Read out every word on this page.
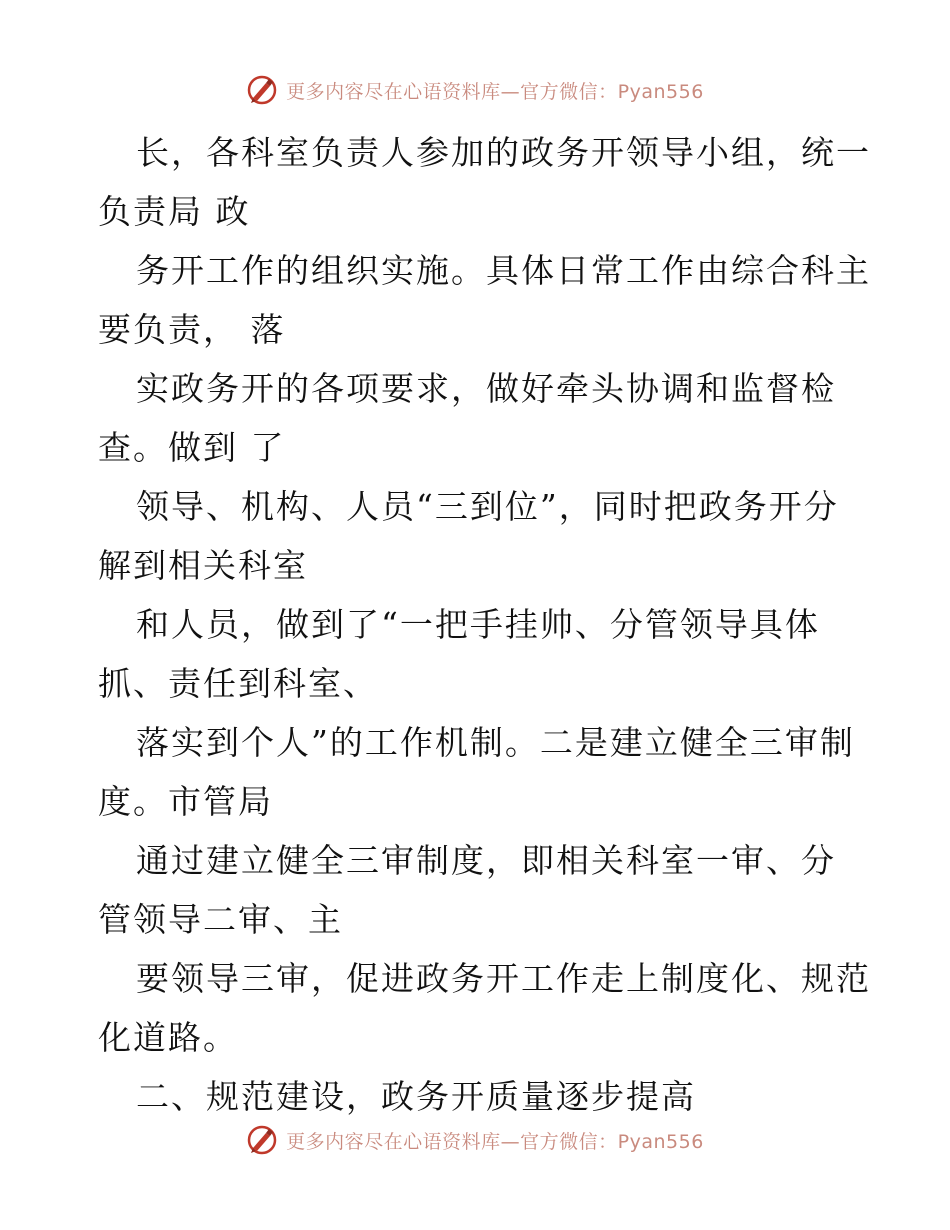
更多内容尽在心语资料库—官方微信：Pyan556
长，各科室负责人参加的政务开领导小组，统一
负责局 政
务开工作的组织实施。具体日常工作由综合科主
要负责， 落
实政务开的各项要求，做好牵头协调和监督检
查。做到 了
领导、机构、人员“三到位”，同时把政务开分
解到相关科室
和人员，做到了“一把手挂帅、分管领导具体
抓、责任到科室、
落实到个人”的工作机制。二是建立健全三审制
度。市管局
通过建立健全三审制度，即相关科室一审、分
管领导二审、主
要领导三审，促进政务开工作走上制度化、规范
化道路。
二、规范建设，政务开质量逐步提高
更多内容尽在心语资料库—官方微信：Pyan556
